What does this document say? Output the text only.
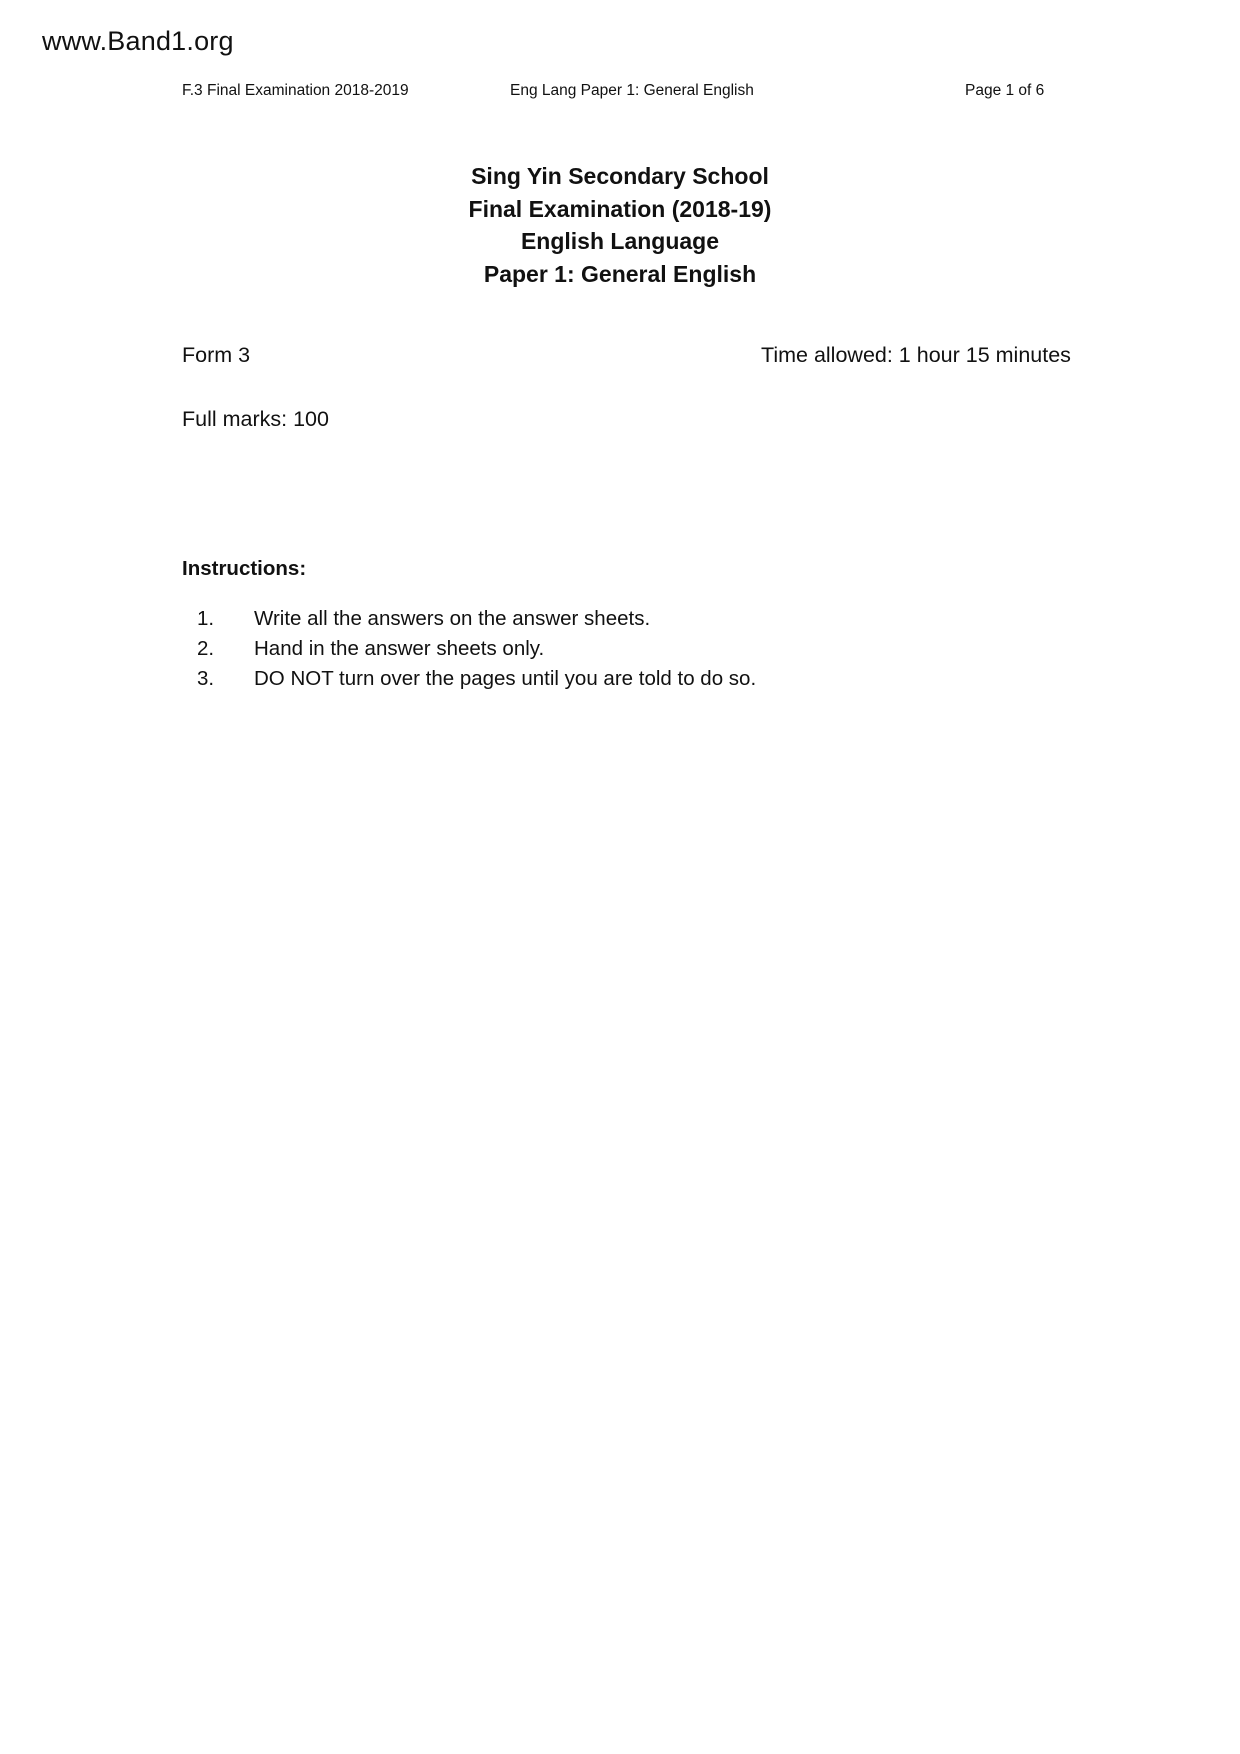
www.Band1.org
F.3 Final Examination 2018-2019	Eng Lang Paper 1: General English	Page 1 of 6
Sing Yin Secondary School
Final Examination (2018-19)
English Language
Paper 1: General English
Form 3	Time allowed: 1 hour 15 minutes
Full marks: 100
Instructions:
1.	Write all the answers on the answer sheets.
2.	Hand in the answer sheets only.
3.	DO NOT turn over the pages until you are told to do so.
